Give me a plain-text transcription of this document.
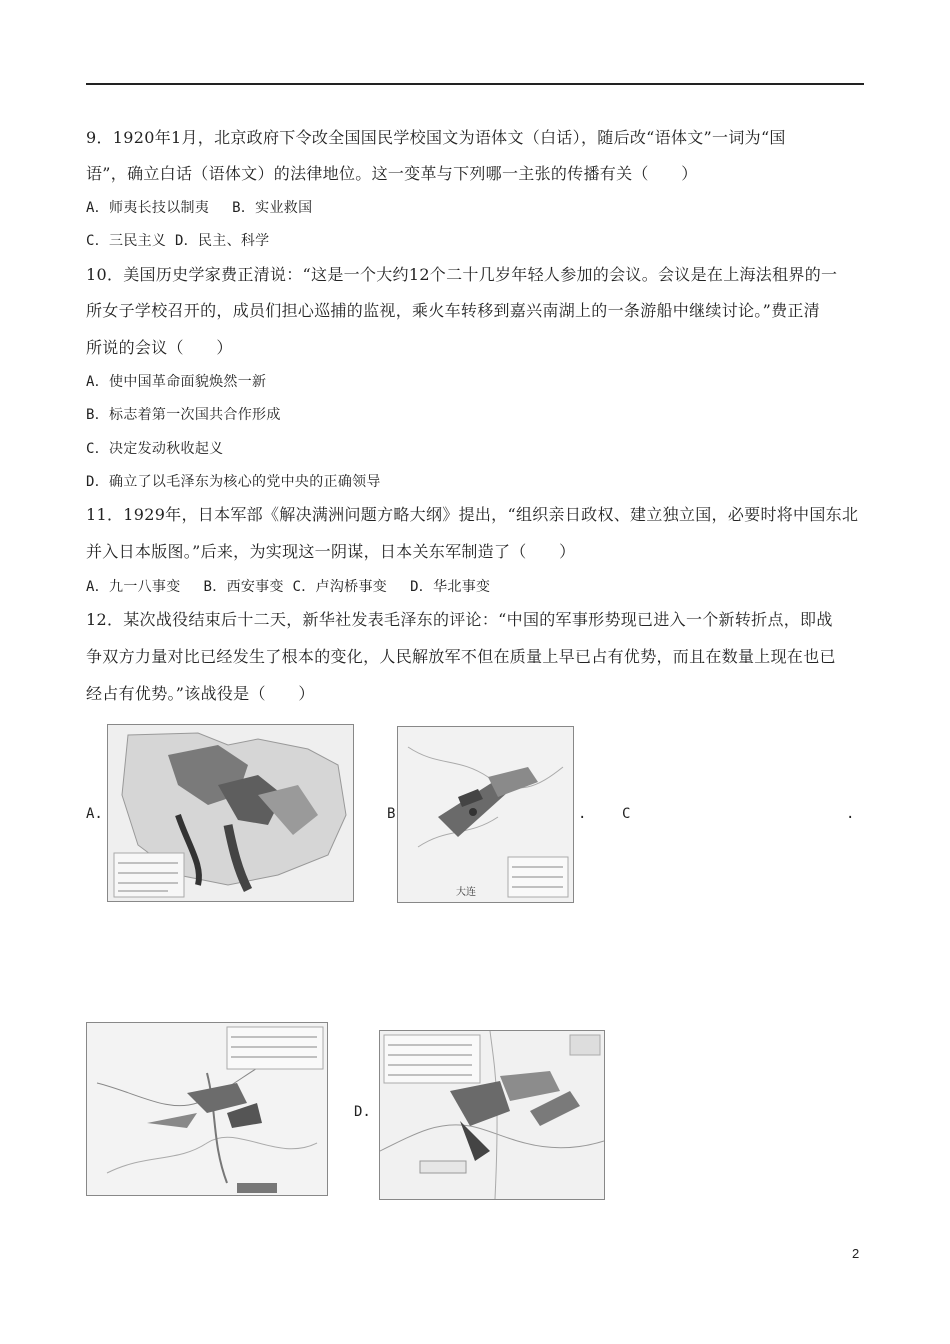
9．1920年1月，北京政府下令改全国国民学校国文为语体文（白话），随后改“语体文”一词为“国
语”，确立白话（语体文）的法律地位。这一变革与下列哪一主张的传播有关（　　）
A．师夷长技以制夷　 B．实业救国
C．三民主义 D．民主、科学
10．美国历史学家费正清说：“这是一个大约12个二十几岁年轻人参加的会议。会议是在上海法租界的一
所女子学校召开的，成员们担心巡捕的监视，乘火车转移到嘉兴南湖上的一条游船中继续讨论。”费正清
所说的会议（　　）
A．使中国革命面貌焕然一新
B．标志着第一次国共合作形成
C．决定发动秋收起义
D．确立了以毛泽东为核心的党中央的正确领导
11．1929年，日本军部《解决满洲问题方略大纲》提出，“组织亲日政权、建立独立国，必要时将中国东北
并入日本版图。”后来，为实现这一阴谋，日本关东军制造了（　　）
A．九一八事变　 B．西安事变 C．卢沟桥事变　 D．华北事变
12．某次战役结束后十二天，新华社发表毛泽东的评论：“中国的军事形势现已进入一个新转折点，即战
争双方力量对比已经发生了根本的变化，人民解放军不但在质量上早已占有优势，而且在数量上现在也已
经占有优势。”该战役是（　　）
A.	B	.	C	.
D.
大连
2
